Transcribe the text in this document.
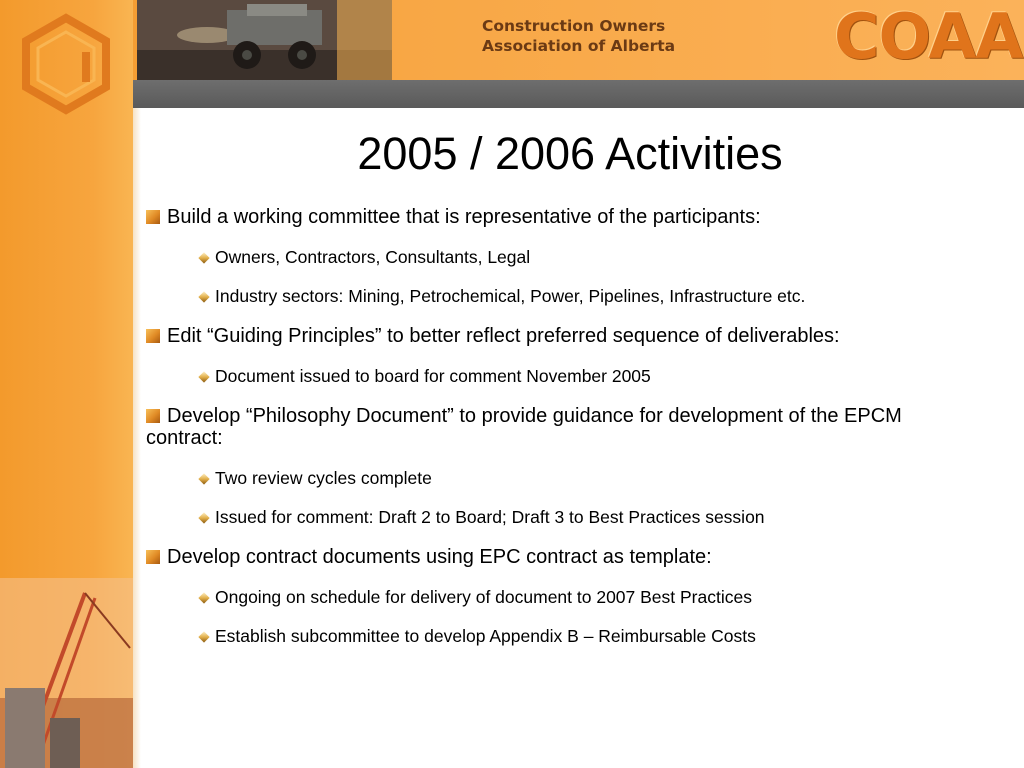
Construction Owners
Association of Alberta	COAA
2005 / 2006 Activities
Build a working committee that is representative of the participants:
Owners, Contractors, Consultants, Legal
Industry sectors: Mining, Petrochemical, Power, Pipelines, Infrastructure etc.
Edit “Guiding Principles” to better reflect preferred sequence of deliverables:
Document issued to board for comment November 2005
Develop “Philosophy Document” to provide guidance for development of the EPCM contract:
Two review cycles complete
Issued for comment: Draft 2 to Board; Draft 3 to Best Practices session
Develop contract documents using EPC contract as template:
Ongoing on schedule for delivery of document to 2007 Best Practices
Establish subcommittee to develop Appendix B – Reimbursable Costs
